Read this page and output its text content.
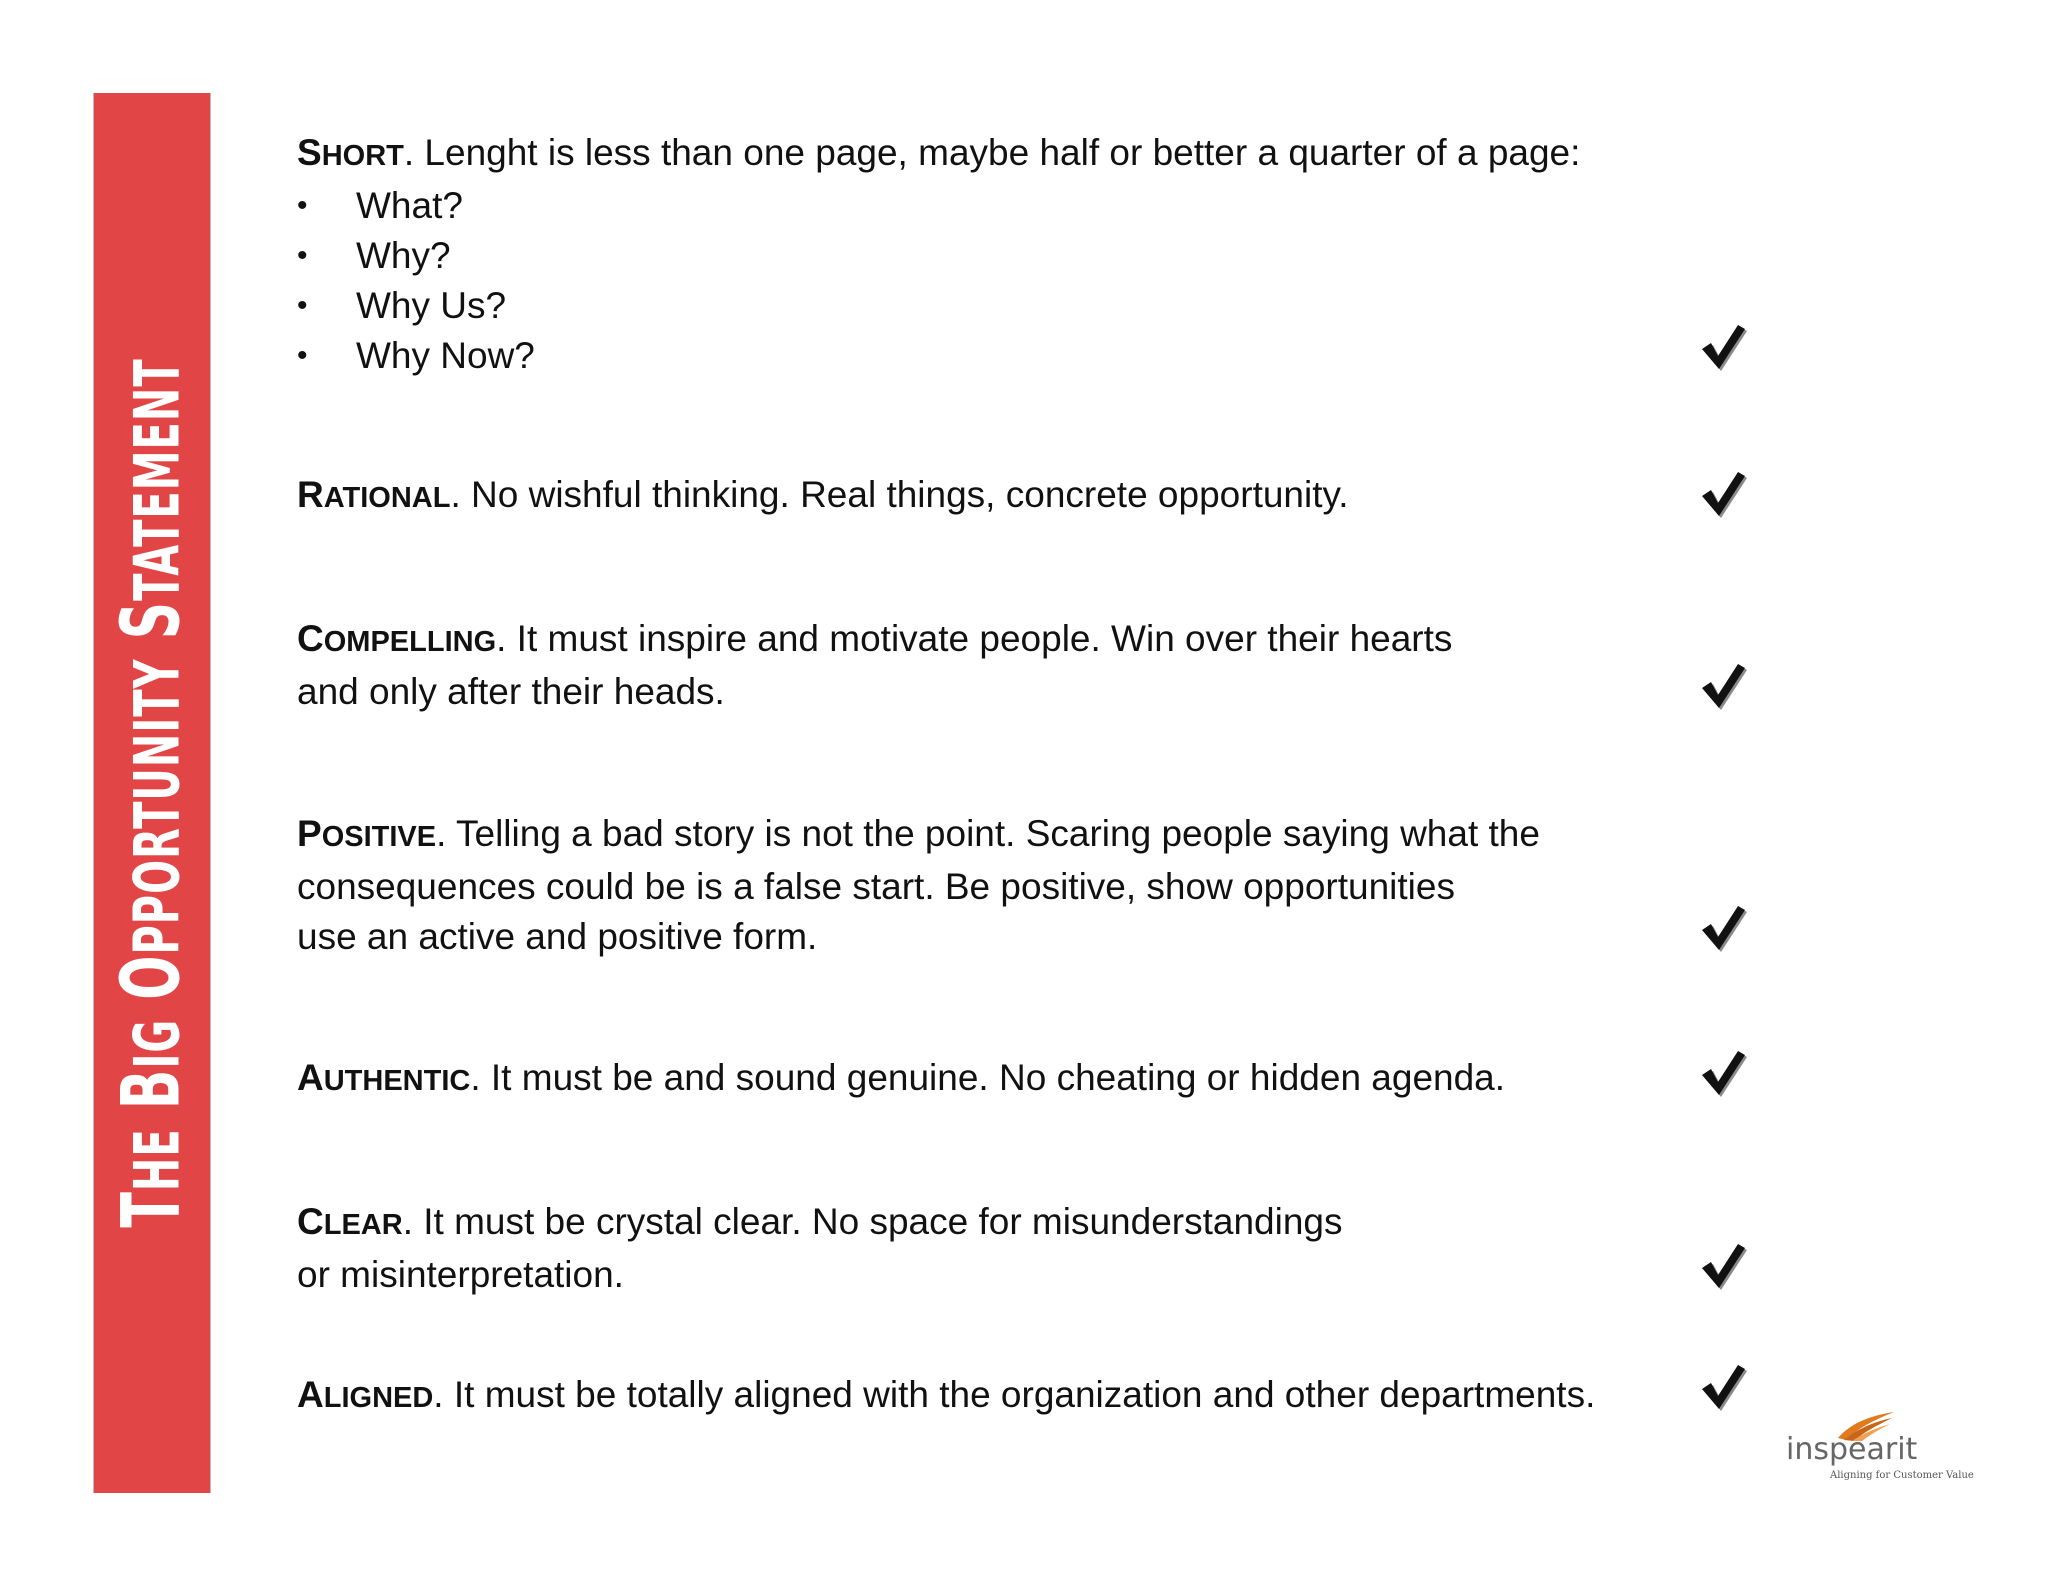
THE BIG OPPORTUNITY STATEMENT
SHORT. Lenght is less than one page, maybe half or better a quarter of a page:
• What?
• Why?
• Why Us?
• Why Now?
RATIONAL. No wishful thinking. Real things, concrete opportunity.
COMPELLING. It must inspire and motivate people. Win over their hearts
and only after their heads.
POSITIVE. Telling a bad story is not the point. Scaring people saying what the
consequences could be is a false start. Be positive, show opportunities
use an active and positive form.
AUTHENTIC. It must be and sound genuine. No cheating or hidden agenda.
CLEAR. It must be crystal clear. No space for misunderstandings
or misinterpretation.
ALIGNED. It must be totally aligned with the organization and other departments.
inspearit
Aligning for Customer Value
